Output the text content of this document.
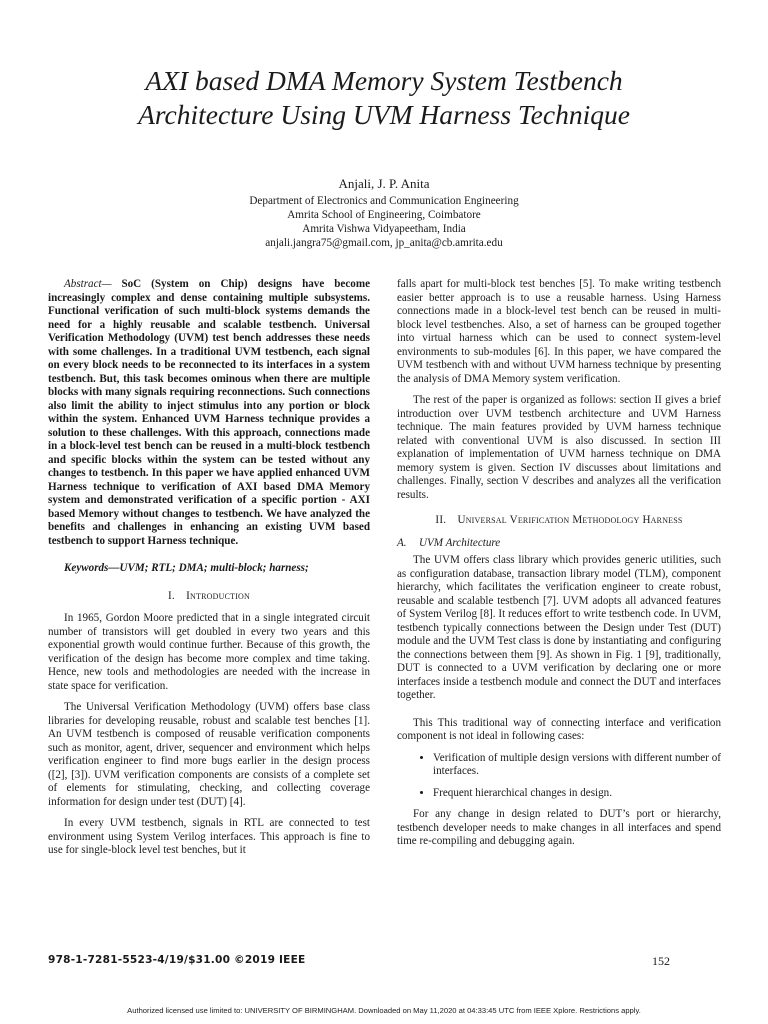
AXI based DMA Memory System Testbench
Architecture Using UVM Harness Technique
Anjali, J. P. Anita
Department of Electronics and Communication Engineering
Amrita School of Engineering, Coimbatore
Amrita Vishwa Vidyapeetham, India
anjali.jangra75@gmail.com, jp_anita@cb.amrita.edu

Abstract— SoC (System on Chip) designs have become increasingly complex and dense containing multiple subsystems. Functional verification of such multi-block systems demands the need for a highly reusable and scalable testbench. Universal Verification Methodology (UVM) test bench addresses these needs with some challenges. In a traditional UVM testbench, each signal on every block needs to be reconnected to its interfaces in a system testbench. But, this task becomes ominous when there are multiple blocks with many signals requiring reconnections. Such connections also limit the ability to inject stimulus into any portion or block within the system. Enhanced UVM Harness technique provides a solution to these challenges. With this approach, connections made in a block-level test bench can be reused in a multi-block testbench and specific blocks within the system can be tested without any changes to testbench. In this paper we have applied enhanced UVM Harness technique to verification of AXI based DMA Memory system and demonstrated verification of a specific portion - AXI based Memory without changes to testbench. We have analyzed the benefits and challenges in enhancing an existing UVM based testbench to support Harness technique.

Keywords—UVM; RTL; DMA; multi-block; harness;

I. Introduction

In 1965, Gordon Moore predicted that in a single integrated circuit number of transistors will get doubled in every two years and this exponential growth would continue further. Because of this growth, the verification of the design has become more complex and time taking. Hence, new tools and methodologies are needed with the increase in state space for verification.

The Universal Verification Methodology (UVM) offers base class libraries for developing reusable, robust and scalable test benches [1]. An UVM testbench is composed of reusable verification components such as monitor, agent, driver, sequencer and environment which helps verification engineer to find more bugs earlier in the design process ([2], [3]). UVM verification components are consists of a complete set of elements for stimulating, checking, and collecting coverage information for design under test (DUT) [4].

In every UVM testbench, signals in RTL are connected to test environment using System Verilog interfaces. This approach is fine to use for single-block level test benches, but it

falls apart for multi-block test benches [5]. To make writing testbench easier better approach is to use a reusable harness. Using Harness connections made in a block-level test bench can be reused in multi-block level testbenches. Also, a set of harness can be grouped together into virtual harness which can be used to connect system-level environments to sub-modules [6]. In this paper, we have compared the UVM testbench with and without UVM harness technique by presenting the analysis of DMA Memory system verification.

The rest of the paper is organized as follows: section II gives a brief introduction over UVM testbench architecture and UVM Harness technique. The main features provided by UVM harness technique related with conventional UVM is also discussed. In section III explanation of implementation of UVM harness technique on DMA memory system is given. Section IV discusses about limitations and challenges. Finally, section V describes and analyzes all the verification results.

II. Universal Verification Methodology Harness
A. UVM Architecture

The UVM offers class library which provides generic utilities, such as configuration database, transaction library model (TLM), component hierarchy, which facilitates the verification engineer to create robust, reusable and scalable testbench [7]. UVM adopts all advanced features of System Verilog [8]. It reduces effort to write testbench code. In UVM, testbench typically connections between the Design under Test (DUT) module and the UVM Test class is done by instantiating and configuring the connections between them [9]. As shown in Fig. 1 [9], traditionally, DUT is connected to a UVM verification by declaring one or more interfaces inside a testbench module and connect the DUT and interfaces together.

This This traditional way of connecting interface and verification component is not ideal in following cases:

• Verification of multiple design versions with different number of interfaces.
• Frequent hierarchical changes in design.

For any change in design related to DUT’s port or hierarchy, testbench developer needs to make changes in all interfaces and spend time re-compiling and debugging again.

978-1-7281-5523-4/19/$31.00 ©2019 IEEE	152
Authorized licensed use limited to: UNIVERSITY OF BIRMINGHAM. Downloaded on May 11,2020 at 04:33:45 UTC from IEEE Xplore. Restrictions apply.
